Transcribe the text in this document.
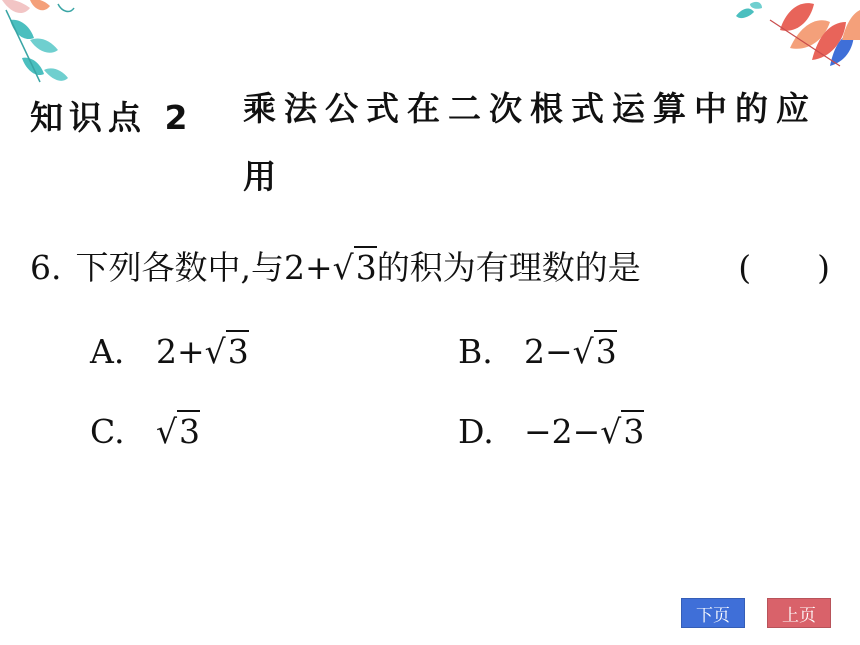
知识点 2 乘法公式在二次根式运算中的应用
6. 下列各数中,与2+√3的积为有理数的是	(　　)
A. 2+√3	B. 2−√3
C. √3	D. −2−√3
下页	上页
